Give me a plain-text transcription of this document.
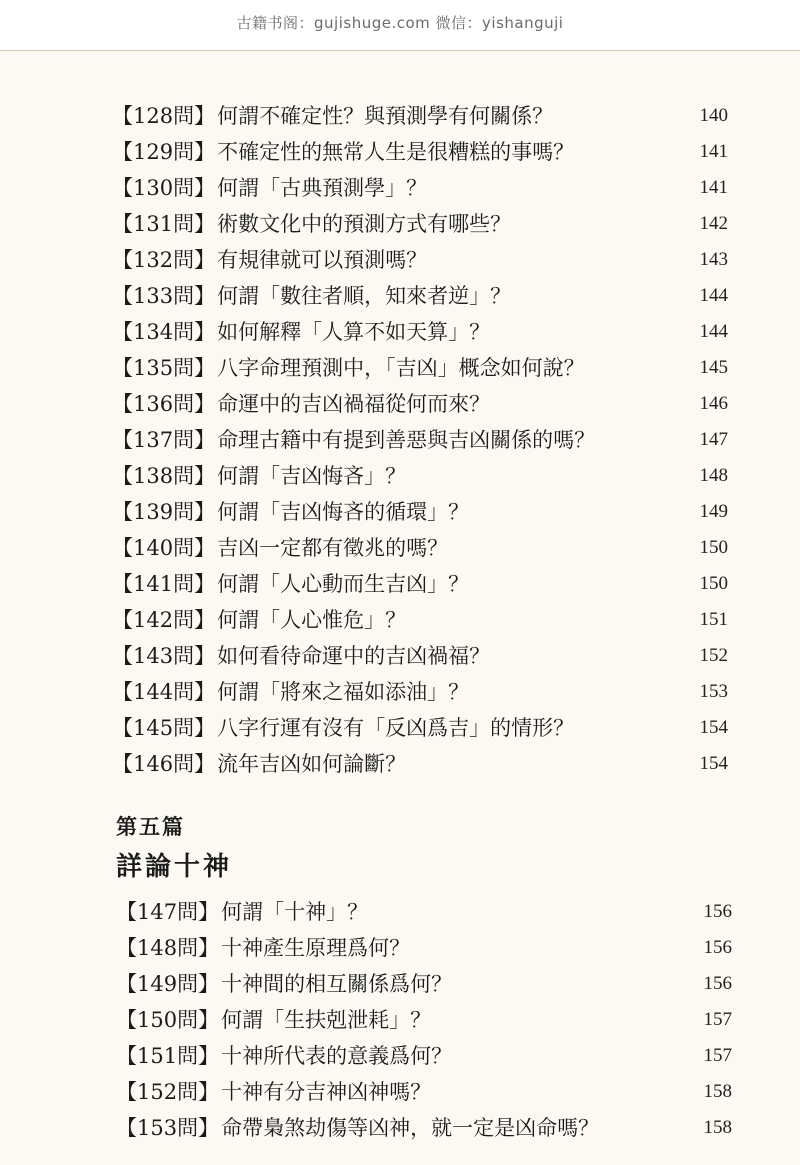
古籍书阁：gujishuge.com 微信：yishanguji
【128問】何謂不確定性？與預測學有何關係？	140
【129問】不確定性的無常人生是很糟糕的事嗎？	141
【130問】何謂「古典預測學」？	141
【131問】術數文化中的預測方式有哪些？	142
【132問】有規律就可以預測嗎？	143
【133問】何謂「數往者順，知來者逆」？	144
【134問】如何解釋「人算不如天算」？	144
【135問】八字命理預測中，「吉凶」概念如何說？	145
【136問】命運中的吉凶禍福從何而來？	146
【137問】命理古籍中有提到善惡與吉凶關係的嗎？	147
【138問】何謂「吉凶悔吝」？	148
【139問】何謂「吉凶悔吝的循環」？	149
【140問】吉凶一定都有徵兆的嗎？	150
【141問】何謂「人心動而生吉凶」？	150
【142問】何謂「人心惟危」？	151
【143問】如何看待命運中的吉凶禍福？	152
【144問】何謂「將來之福如添油」？	153
【145問】八字行運有沒有「反凶爲吉」的情形？	154
【146問】流年吉凶如何論斷？	154
第五篇
詳論十神
【147問】何謂「十神」？	156
【148問】十神產生原理爲何？	156
【149問】十神間的相互關係爲何？	156
【150問】何謂「生扶剋泄耗」？	157
【151問】十神所代表的意義爲何？	157
【152問】十神有分吉神凶神嗎？	158
【153問】命帶梟煞劫傷等凶神，就一定是凶命嗎？	158
